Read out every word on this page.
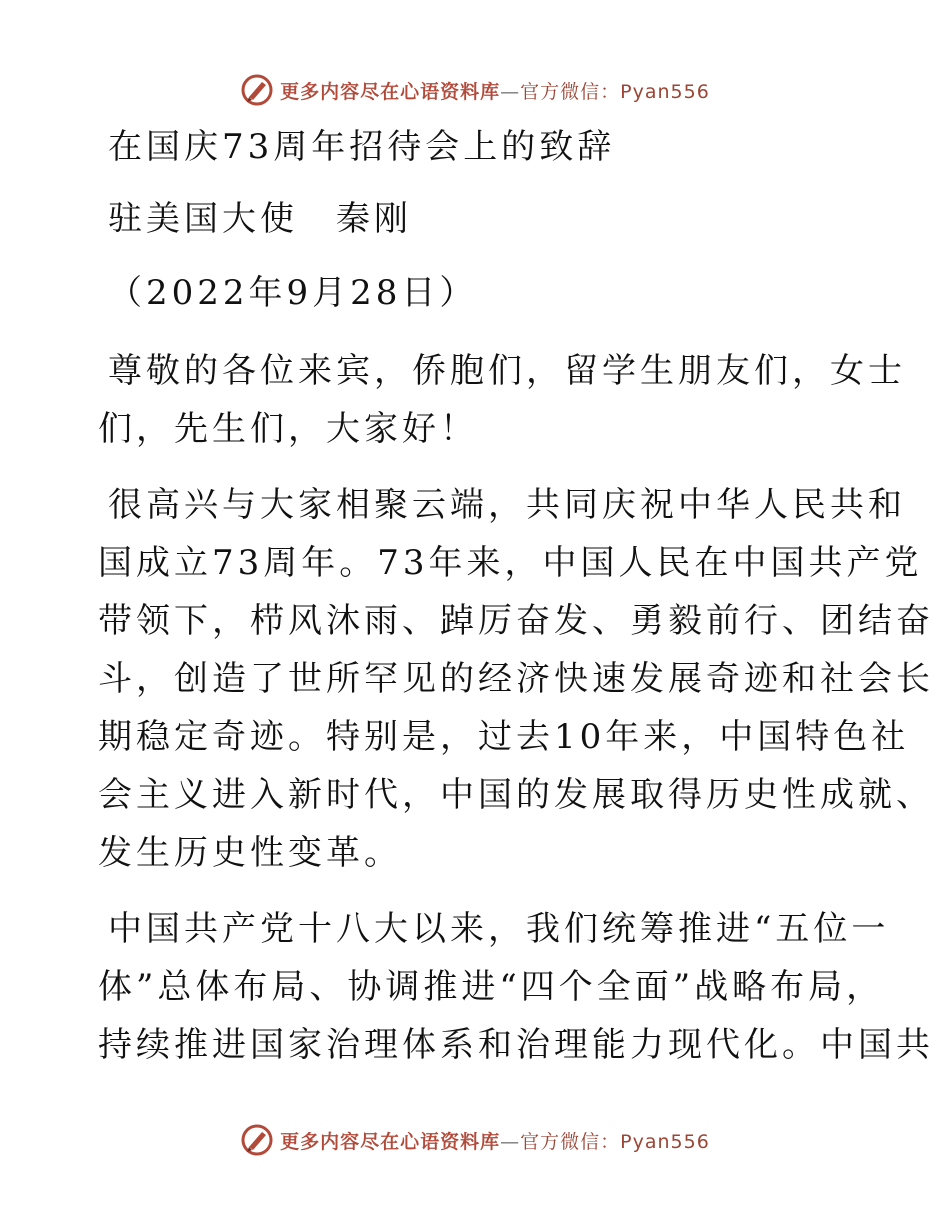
更多内容尽在心语资料库—官方微信：Pyan556
在国庆73周年招待会上的致辞
驻美国大使　秦刚
（2022年9月28日）
尊敬的各位来宾，侨胞们，留学生朋友们，女士
们，先生们，大家好！
很高兴与大家相聚云端，共同庆祝中华人民共和
国成立73周年。73年来，中国人民在中国共产党
带领下，栉风沐雨、踔厉奋发、勇毅前行、团结奋
斗，创造了世所罕见的经济快速发展奇迹和社会长
期稳定奇迹。特别是，过去10年来，中国特色社
会主义进入新时代，中国的发展取得历史性成就、
发生历史性变革。
中国共产党十八大以来，我们统筹推进“五位一
体”总体布局、协调推进“四个全面”战略布局，
持续推进国家治理体系和治理能力现代化。中国共
更多内容尽在心语资料库—官方微信：Pyan556
